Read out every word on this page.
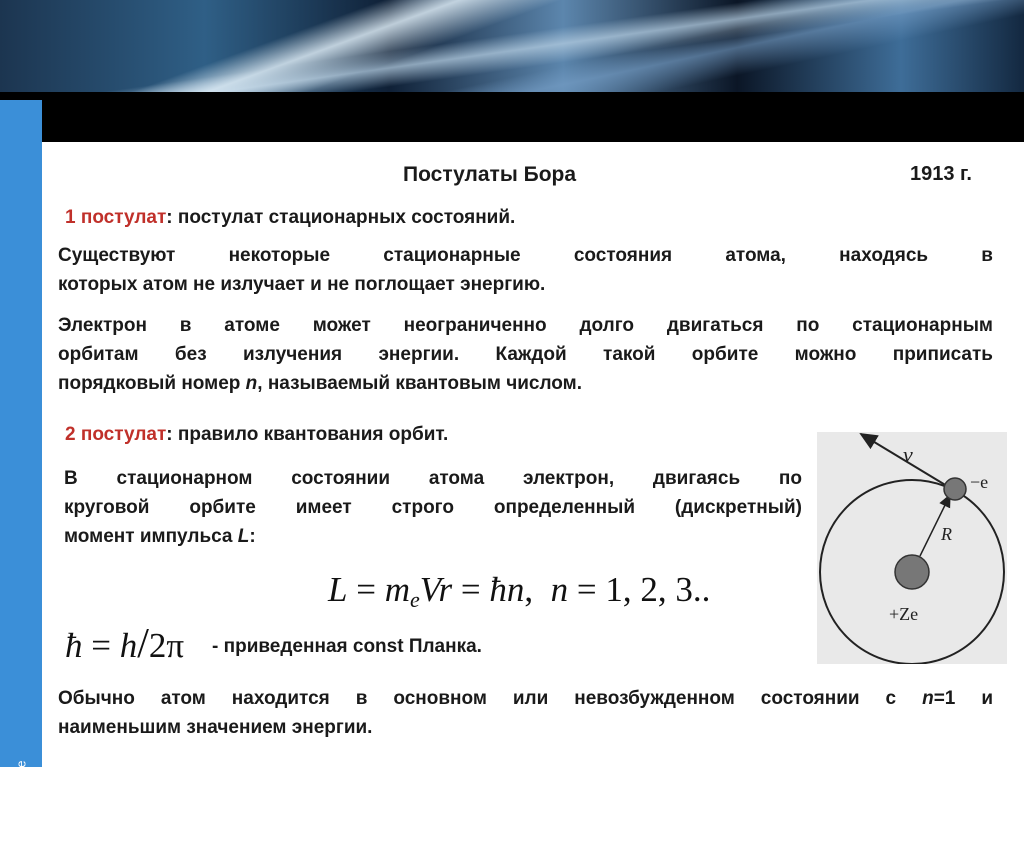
company name
Постулаты Бора	1913 г.
1 постулат: постулат стационарных состояний.
Существуют некоторые стационарные состояния атома, находясь в
которых атом не излучает и не поглощает энергию.
Электрон в атоме может неограниченно долго двигаться по стационарным
орбитам без излучения энергии. Каждой такой орбите можно приписать
порядковый номер n, называемый квантовым числом.
2 постулат: правило квантования орбит.
В стационарном состоянии атома электрон, двигаясь по
круговой орбите имеет строго определенный (дискретный)
момент импульса L:
$L = m_eVr$ = ħn, n = 1, 2, 3..
ħ = h/2π - приведенная const Планка.
Обычно атом находится в основном или невозбужденном состоянии с n=1 и
наименьшим значением энергии.
v
−e
R
+Ze
